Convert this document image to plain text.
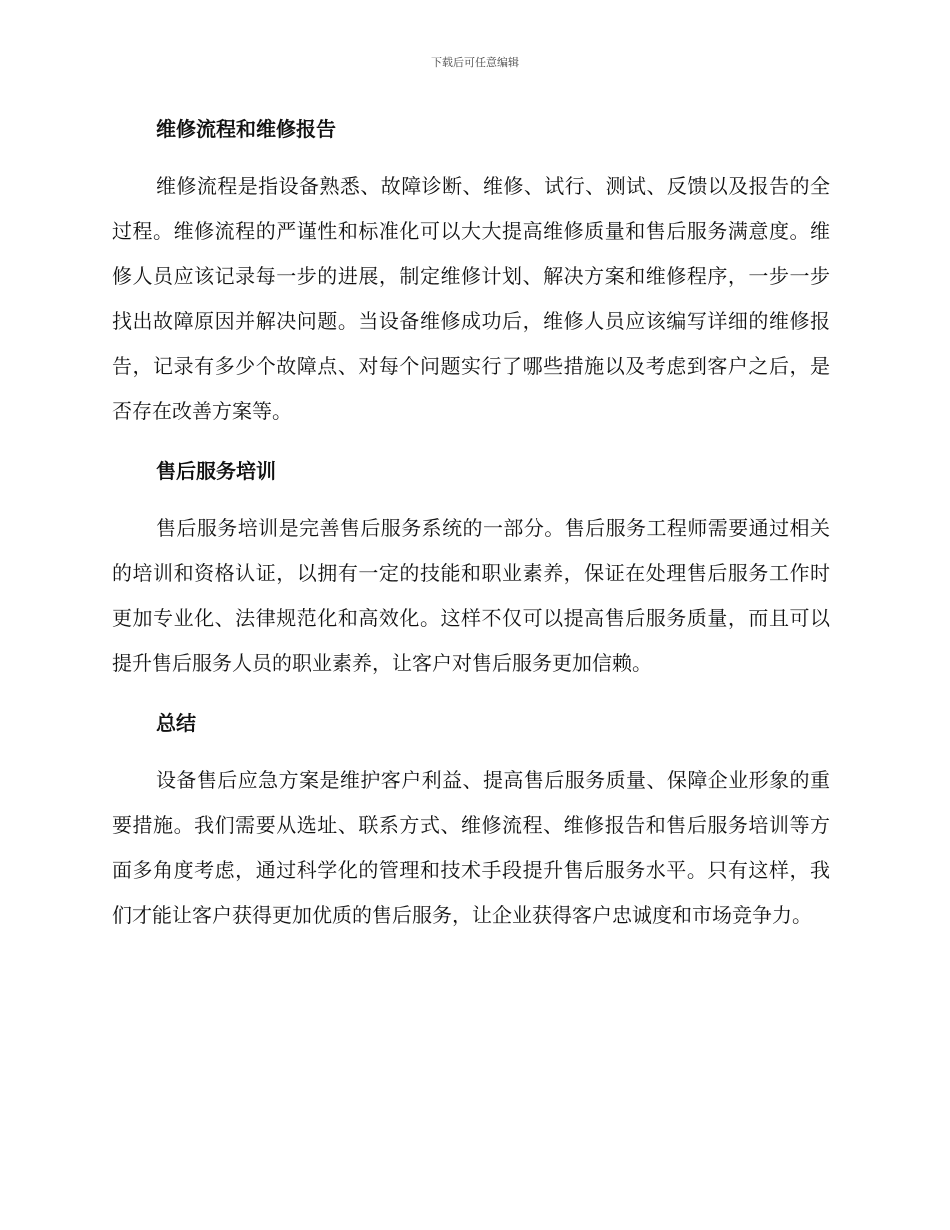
下载后可任意编辑
维修流程和维修报告

维修流程是指设备熟悉、故障诊断、维修、试行、测试、反馈以及报告的全过程。维修流程的严谨性和标准化可以大大提高维修质量和售后服务满意度。维修人员应该记录每一步的进展，制定维修计划、解决方案和维修程序，一步一步找出故障原因并解决问题。当设备维修成功后，维修人员应该编写详细的维修报告，记录有多少个故障点、对每个问题实行了哪些措施以及考虑到客户之后，是否存在改善方案等。

售后服务培训

售后服务培训是完善售后服务系统的一部分。售后服务工程师需要通过相关的培训和资格认证，以拥有一定的技能和职业素养，保证在处理售后服务工作时更加专业化、法律规范化和高效化。这样不仅可以提高售后服务质量，而且可以提升售后服务人员的职业素养，让客户对售后服务更加信赖。

总结

设备售后应急方案是维护客户利益、提高售后服务质量、保障企业形象的重要措施。我们需要从选址、联系方式、维修流程、维修报告和售后服务培训等方面多角度考虑，通过科学化的管理和技术手段提升售后服务水平。只有这样，我们才能让客户获得更加优质的售后服务，让企业获得客户忠诚度和市场竞争力。
